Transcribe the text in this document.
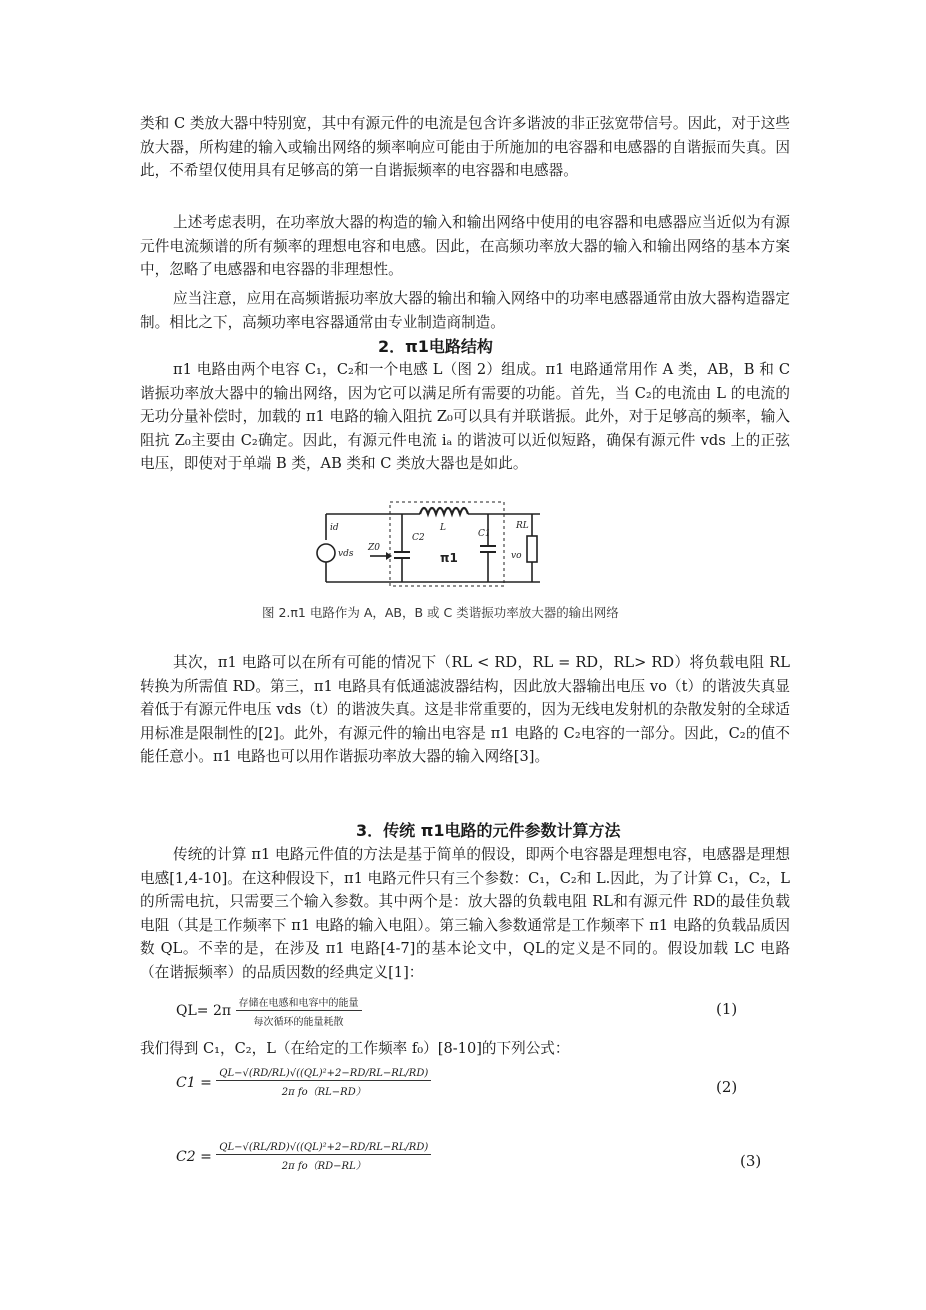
类和 C 类放大器中特别宽，其中有源元件的电流是包含许多谐波的非正弦宽带信号。因此，对于这些放大器，所构建的输入或输出网络的频率响应可能由于所施加的电容器和电感器的自谐振而失真。因此，不希望仅使用具有足够高的第一自谐振频率的电容器和电感器。

上述考虑表明，在功率放大器的构造的输入和输出网络中使用的电容器和电感器应当近似为有源元件电流频谱的所有频率的理想电容和电感。因此，在高频功率放大器的输入和输出网络的基本方案中，忽略了电感器和电容器的非理想性。

应当注意，应用在高频谐振功率放大器的输出和输入网络中的功率电感器通常由放大器构造器定制。相比之下，高频功率电容器通常由专业制造商制造。

2．π1电路结构

π1 电路由两个电容 C₁，C₂和一个电感 L（图 2）组成。π1 电路通常用作 A 类，AB，B 和 C 谐振功率放大器中的输出网络，因为它可以满足所有需要的功能。首先，当 C₂的电流由 L 的电流的无功分量补偿时，加载的 π1 电路的输入阻抗 Z₀可以具有并联谐振。此外，对于足够高的频率，输入阻抗 Z₀主要由 C₂确定。因此，有源元件电流 iₐ 的谐波可以近似短路，确保有源元件 vds 上的正弦电压，即使对于单端 B 类，AB 类和 C 类放大器也是如此。

id
vds
Z0
C2
L
C1
RL
vo
π1
图 2.π1 电路作为 A，AB，B 或 C 类谐振功率放大器的输出网络

其次，π1 电路可以在所有可能的情况下（RL < RD，RL = RD，RL> RD）将负载电阻 RL转换为所需值 RD。第三，π1 电路具有低通滤波器结构，因此放大器输出电压 vo（t）的谐波失真显着低于有源元件电压 vds（t）的谐波失真。这是非常重要的，因为无线电发射机的杂散发射的全球适用标准是限制性的[2]。此外，有源元件的输出电容是 π1 电路的 C₂电容的一部分。因此，C₂的值不能任意小。π1 电路也可以用作谐振功率放大器的输入网络[3]。

3．传统 π1电路的元件参数计算方法

传统的计算 π1 电路元件值的方法是基于简单的假设，即两个电容器是理想电容，电感器是理想电感[1,4-10]。在这种假设下，π1 电路元件只有三个参数：C₁，C₂和 L.因此，为了计算 C₁，C₂，L 的所需电抗，只需要三个输入参数。其中两个是：放大器的负载电阻 RL和有源元件 RD的最佳负载电阻（其是工作频率下 π1 电路的输入电阻）。第三输入参数通常是工作频率下 π1 电路的负载品质因数 QL。不幸的是，在涉及 π1 电路[4-7]的基本论文中，QL的定义是不同的。假设加载 LC 电路（在谐振频率）的品质因数的经典定义[1]：

$QL= 2\pi \frac{\text{存储在电感和电容中的能量}}{\text{每次循环的能量耗散}}$	(1)

我们得到 C₁，C₂，L（在给定的工作频率 f₀）[8-10]的下列公式：

$C1 = \frac{\text{QL−√(RD/RL)√((QL)²+2−RD/RL−RL/RD)}}{\text{2π fo（RL−RD）}}$	(2)
$C2 = \frac{\text{QL−√(RL/RD)√((QL)²+2−RD/RL−RL/RD)}}{\text{2π fo（RD−RL）}}$	(3)
